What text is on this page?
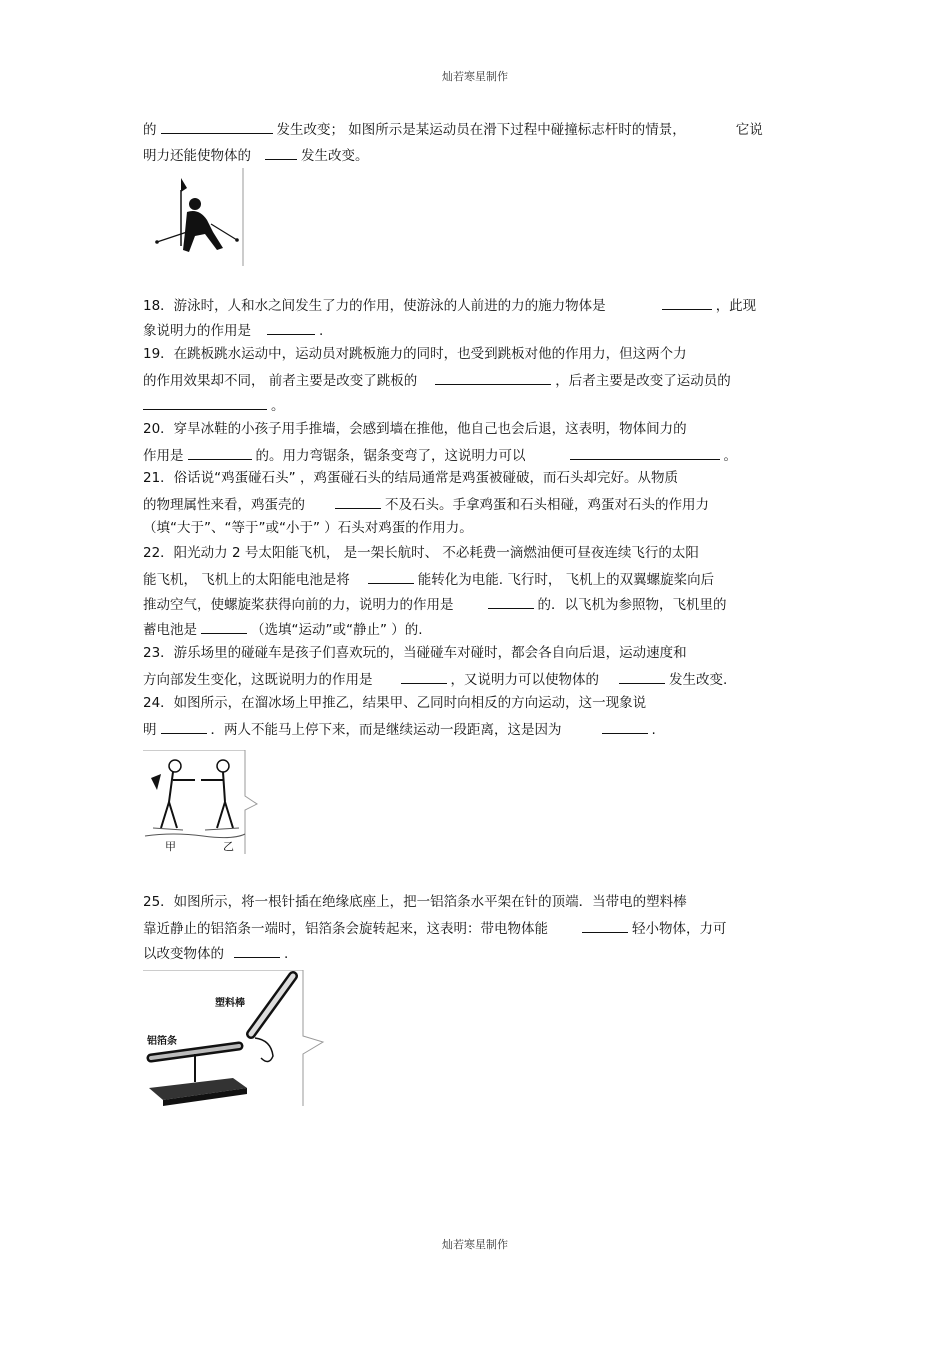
灿若寒星制作
的	发生改变； 如图所示是某运动员在滑下过程中碰撞标志杆时的情景，	它说
明力还能使物体的	发生改变。
18．游泳时，人和水之间发生了力的作用，使游泳的人前进的力的施力物体是	，此现
象说明力的作用是	.
19．在跳板跳水运动中，运动员对跳板施力的同时，也受到跳板对他的作用力，但这两个力
的作用效果却不同， 前者主要是改变了跳板的	，后者主要是改变了运动员的
。
20．穿旱冰鞋的小孩子用手推墙，会感到墙在推他，他自己也会后退，这表明，物体间力的
作用是	的。用力弯锯条，锯条变弯了，这说明力可以	。
21．俗话说“鸡蛋碰石头” ，鸡蛋碰石头的结局通常是鸡蛋被碰破，而石头却完好。从物质
的物理属性来看，鸡蛋壳的	不及石头。手拿鸡蛋和石头相碰，鸡蛋对石头的作用力
（填“大于”、“等于”或“小于” ）石头对鸡蛋的作用力。
22．阳光动力 2 号太阳能飞机， 是一架长航时、 不必耗费一滴燃油便可昼夜连续飞行的太阳
能飞机， 飞机上的太阳能电池是将	能转化为电能. 飞行时， 飞机上的双翼螺旋桨向后
推动空气，使螺旋桨获得向前的力，说明力的作用是	的．以飞机为参照物，飞机里的
蓄电池是	（选填“运动”或“静止” ）的.
23．游乐场里的碰碰车是孩子们喜欢玩的，当碰碰车对碰时，都会各自向后退，运动速度和
方向部发生变化，这既说明力的作用是	，又说明力可以使物体的	发生改变.
24．如图所示，在溜冰场上甲推乙，结果甲、乙同时向相反的方向运动，这一现象说
明	．两人不能马上停下来，而是继续运动一段距离，这是因为	.
甲	乙
25．如图所示，将一根针插在绝缘底座上，把一铝箔条水平架在针的顶端．当带电的塑料棒
靠近静止的铝箔条一端时，铝箔条会旋转起来，这表明：带电物体能	轻小物体，力可
以改变物体的	.
塑料棒
铝箔条
灿若寒星制作
